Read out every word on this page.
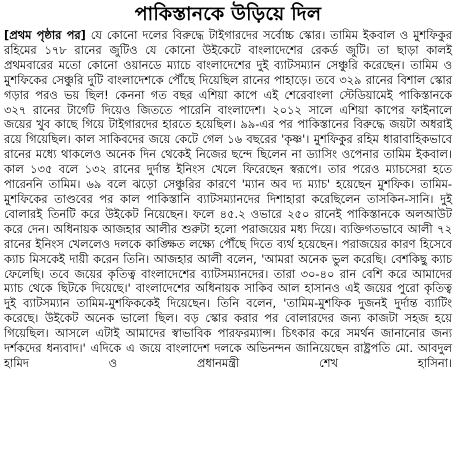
পাকিস্তানকে উড়িয়ে দিল
[প্রথম পৃষ্ঠার পর] যে কোনো দলের বিরুদ্ধে টাইগারদের সর্বোচ্চ স্কোর। তামিম ইকবাল ও মুশফিকুর রহিমের ১৭৮ রানের জুটিও যে কোনো উইকেটে বাংলাদেশের রেকর্ড জুটি। তা ছাড়া কালই প্রথমবারের মতো কোনো ওয়ানডে ম্যাচে বাংলাদেশের দুই ব্যাটসম্যান সেঞ্চুরি করেছেন। তামিম ও মুশফিকের সেঞ্চুরি দুটি বাংলাদেশকে পৌঁছে দিয়েছিল রানের পাহাড়ে। তবে ৩২৯ রানের বিশাল স্কোর গড়ার পরও ভয় ছিল! কেননা গত বছর এশিয়া কাপে এই শেরেবাংলা স্টেডিয়ামেই পাকিস্তানকে ৩২৭ রানের টার্গেট দিয়েও জিততে পারেনি বাংলাদেশ। ২০১২ সালে এশিয়া কাপের ফাইনালে জয়ের খুব কাছে গিয়ে টাইগারদের হারতে হয়েছিল। ৯৯-এর পর পাকিস্তানের বিরুদ্ধে জয়টা অধরাই রয়ে গিয়েছিল। কাল সাকিবদের জয়ে কেটে গেল ১৬ বছরের 'কৃষ্ণ'। মুশফিকুর রহিম ধারাবাহিকভাবে রানের মধ্যে থাকলেও অনেক দিন থেকেই নিজের ছন্দে ছিলেন না ড্যাসিং ওপেনার তামিম ইকবাল। কাল ১৩৫ বলে ১৩২ রানের দুর্দান্ত ইনিংস খেলে ফিরেছেন স্বরূপে। তার পরেও ম্যাচসেরা হতে পারেননি তামিম। ৬৯ বলে ঝড়ো সেঞ্চুরির কারণে 'ম্যান অব দ্য ম্যাচ' হয়েছেন মুশফিক। তামিম-মুশফিকের তাণ্ডবের পর কাল পাকিস্তানি ব্যাটসম্যানদের দিশাহারা করেছিলেন তাসকিন-সানি। দুই বোলারই তিনটি করে উইকেট নিয়েছেন। ফলে ৪৫.২ ওভারে ২৫০ রানেই পাকিস্তানকে অলআউট করে দেন। অধিনায়ক আজহার আলীর শুরুটা হলো পরাজয়ের মধ্য দিয়ে। ব্যক্তিগতভাবে আলী ৭২ রানের ইনিংস খেললেও দলকে কাঙ্ক্ষিত লক্ষ্যে পৌঁছে দিতে ব্যর্থ হয়েছেন। পরাজয়ের কারণ হিসেবে ক্যাচ মিসকেই দায়ী করেন তিনি। আজহার আলী বলেন, 'আমরা অনেক ভুল করেছি। বেশকিছু ক্যাচ ফেলেছি। তবে জয়ের কৃতিত্ব বাংলাদেশের ব্যাটসম্যানদের। তারা ৩০-৪০ রান বেশি করে আমাদের ম্যাচ থেকে ছিটকে দিয়েছে।' বাংলাদেশের অধিনায়ক সাকিব আল হাসানও এই জয়ের পুরো কৃতিত্ব দুই ব্যাটসম্যান তামিম-মুশফিককেই দিয়েছেন। তিনি বলেন, 'তামিম-মুশফিক দুজনই দুর্দান্ত ব্যাটিং করেছে। উইকেট অনেক ভালো ছিল। বড় স্কোর করার পর বোলারদের জন্য কাজটা সহজ হয়ে গিয়েছিল। আসলে এটাই আমাদের স্বাভাবিক পারফরম্যান্স। চিৎকার করে সমর্থন জানানোর জন্য দর্শকদের ধন্যবাদ।' এদিকে এ জয়ে বাংলাদেশ দলকে অভিনন্দন জানিয়েছেন রাষ্ট্রপতি মো. আবদুল হামিদ ও প্রধানমন্ত্রী শেখ হাসিনা।
